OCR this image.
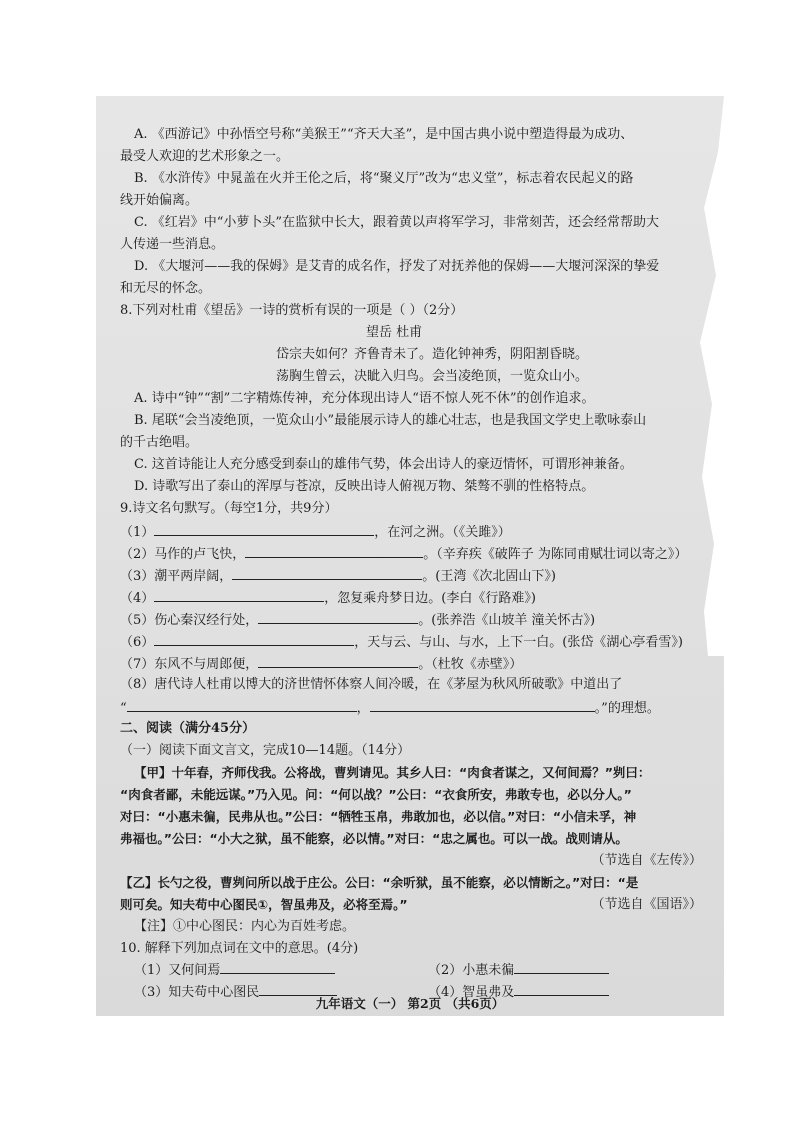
A. 《西游记》中孙悟空号称“美猴王”“齐天大圣”，是中国古典小说中塑造得最为成功、
最受人欢迎的艺术形象之一。
B. 《水浒传》中晁盖在火并王伦之后，将“聚义厅”改为“忠义堂”，标志着农民起义的路
线开始偏离。
C. 《红岩》中“小萝卜头”在监狱中长大，跟着黄以声将军学习，非常刻苦，还会经常帮助大
人传递一些消息。
D. 《大堰河——我的保姆》是艾青的成名作，抒发了对抚养他的保姆——大堰河深深的挚爱
和无尽的怀念。
8.下列对杜甫《望岳》一诗的赏析有误的一项是（ ）（2分）
望岳 杜甫
岱宗夫如何？齐鲁青未了。造化钟神秀，阴阳割昏晓。
荡胸生曾云，决眦入归鸟。会当凌绝顶，一览众山小。
A. 诗中“钟”“割”二字精炼传神，充分体现出诗人“语不惊人死不休”的创作追求。
B. 尾联“会当凌绝顶，一览众山小”最能展示诗人的雄心壮志，也是我国文学史上歌咏泰山
的千古绝唱。
C. 这首诗能让人充分感受到泰山的雄伟气势，体会出诗人的豪迈情怀，可谓形神兼备。
D. 诗歌写出了泰山的浑厚与苍凉，反映出诗人俯视万物、桀骜不驯的性格特点。
9.诗文名句默写。（每空1分，共9分）
（1）	，在河之洲。（《关雎》）
（2）马作的卢飞快，	。（辛弃疾《破阵子 为陈同甫赋壮词以寄之》）
（3）潮平两岸阔，	。(王湾《次北固山下》)
（4）	，忽复乘舟梦日边。(李白《行路难》)
（5）伤心秦汉经行处，	。(张养浩《山坡羊 潼关怀古》)
（6）	，天与云、与山、与水，上下一白。(张岱《湖心亭看雪》)
（7）东风不与周郎便，	。（杜牧《赤壁》）
（8）唐代诗人杜甫以博大的济世情怀体察人间冷暖，在《茅屋为秋风所破歌》中道出了
“	，	。”的理想。
二、阅读（满分45分）
（一）阅读下面文言文，完成10—14题。（14分）
【甲】十年春，齐师伐我。公将战，曹刿请见。其乡人曰：“肉食者谋之，又何间焉？”刿曰：
“肉食者鄙，未能远谋。”乃入见。问：“何以战？”公曰：“衣食所安，弗敢专也，必以分人。”
对曰：“小惠未徧，民弗从也。”公曰：“牺牲玉帛，弗敢加也，必以信。”对曰：“小信未孚，神
弗福也。”公曰：“小大之狱，虽不能察，必以情。”对曰：“忠之属也。可以一战。战则请从。
（节选自《左传》）
【乙】长勺之役，曹刿问所以战于庄公。公曰：“余听狱，虽不能察，必以情断之。”对曰：“是
则可矣。知夫苟中心图民①，智虽弗及，必将至焉。”	（节选自《国语》）
【注】①中心图民：内心为百姓考虑。
10. 解释下列加点词在文中的意思。(4分)
（1）又何间焉	（2）小惠未徧
（3）知夫苟中心图民	（4）智虽弗及
九年语文（一） 第2页 （共6页）
